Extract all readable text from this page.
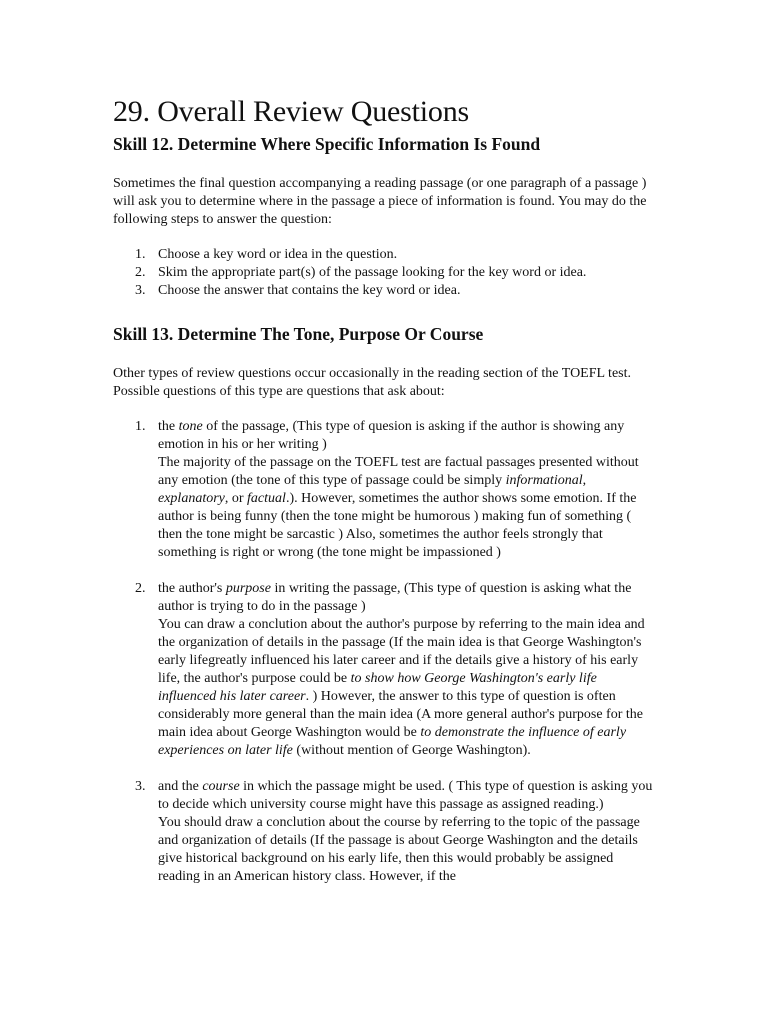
29. Overall Review Questions
Skill 12. Determine Where Specific Information Is Found

Sometimes the final question accompanying a reading passage (or one paragraph of a passage ) will ask you to determine where in the passage a piece of information is found. You may do the following steps to answer the question:

1. Choose a key word or idea in the question.
2. Skim the appropriate part(s) of the passage looking for the key word or idea.
3. Choose the answer that contains the key word or idea.
Skill 13. Determine The Tone, Purpose Or Course

Other types of review questions occur occasionally in the reading section of the TOEFL test. Possible questions of this type are questions that ask about:

1. the tone of the passage, (This type of quesion is asking if the author is showing any emotion in his or her writing )
The majority of the passage on the TOEFL test are factual passages presented without any emotion (the tone of this type of passage could be simply informational, explanatory, or factual.). However, sometimes the author shows some emotion. If the author is being funny (then the tone might be humorous ) making fun of something ( then the tone might be sarcastic ) Also, sometimes the author feels strongly that something is right or wrong (the tone might be impassioned )
2. the author's purpose in writing the passage, (This type of question is asking what the author is trying to do in the passage )
You can draw a conclution about the author's purpose by referring to the main idea and the organization of details in the passage (If the main idea is that George Washington's early lifegreatly influenced his later career and if the details give a history of his early life, the author's purpose could be to show how George Washington's early life influenced his later career. ) However, the answer to this type of question is often considerably more general than the main idea (A more general author's purpose for the main idea about George Washington would be to demonstrate the influence of early experiences on later life (without mention of George Washington).
3. and the course in which the passage might be used. ( This type of question is asking you to decide which university course might have this passage as assigned reading.)
You should draw a conclution about the course by referring to the topic of the passage and organization of details (If the passage is about George Washington and the details give historical background on his early life, then this would probably be assigned reading in an American history class. However, if the
